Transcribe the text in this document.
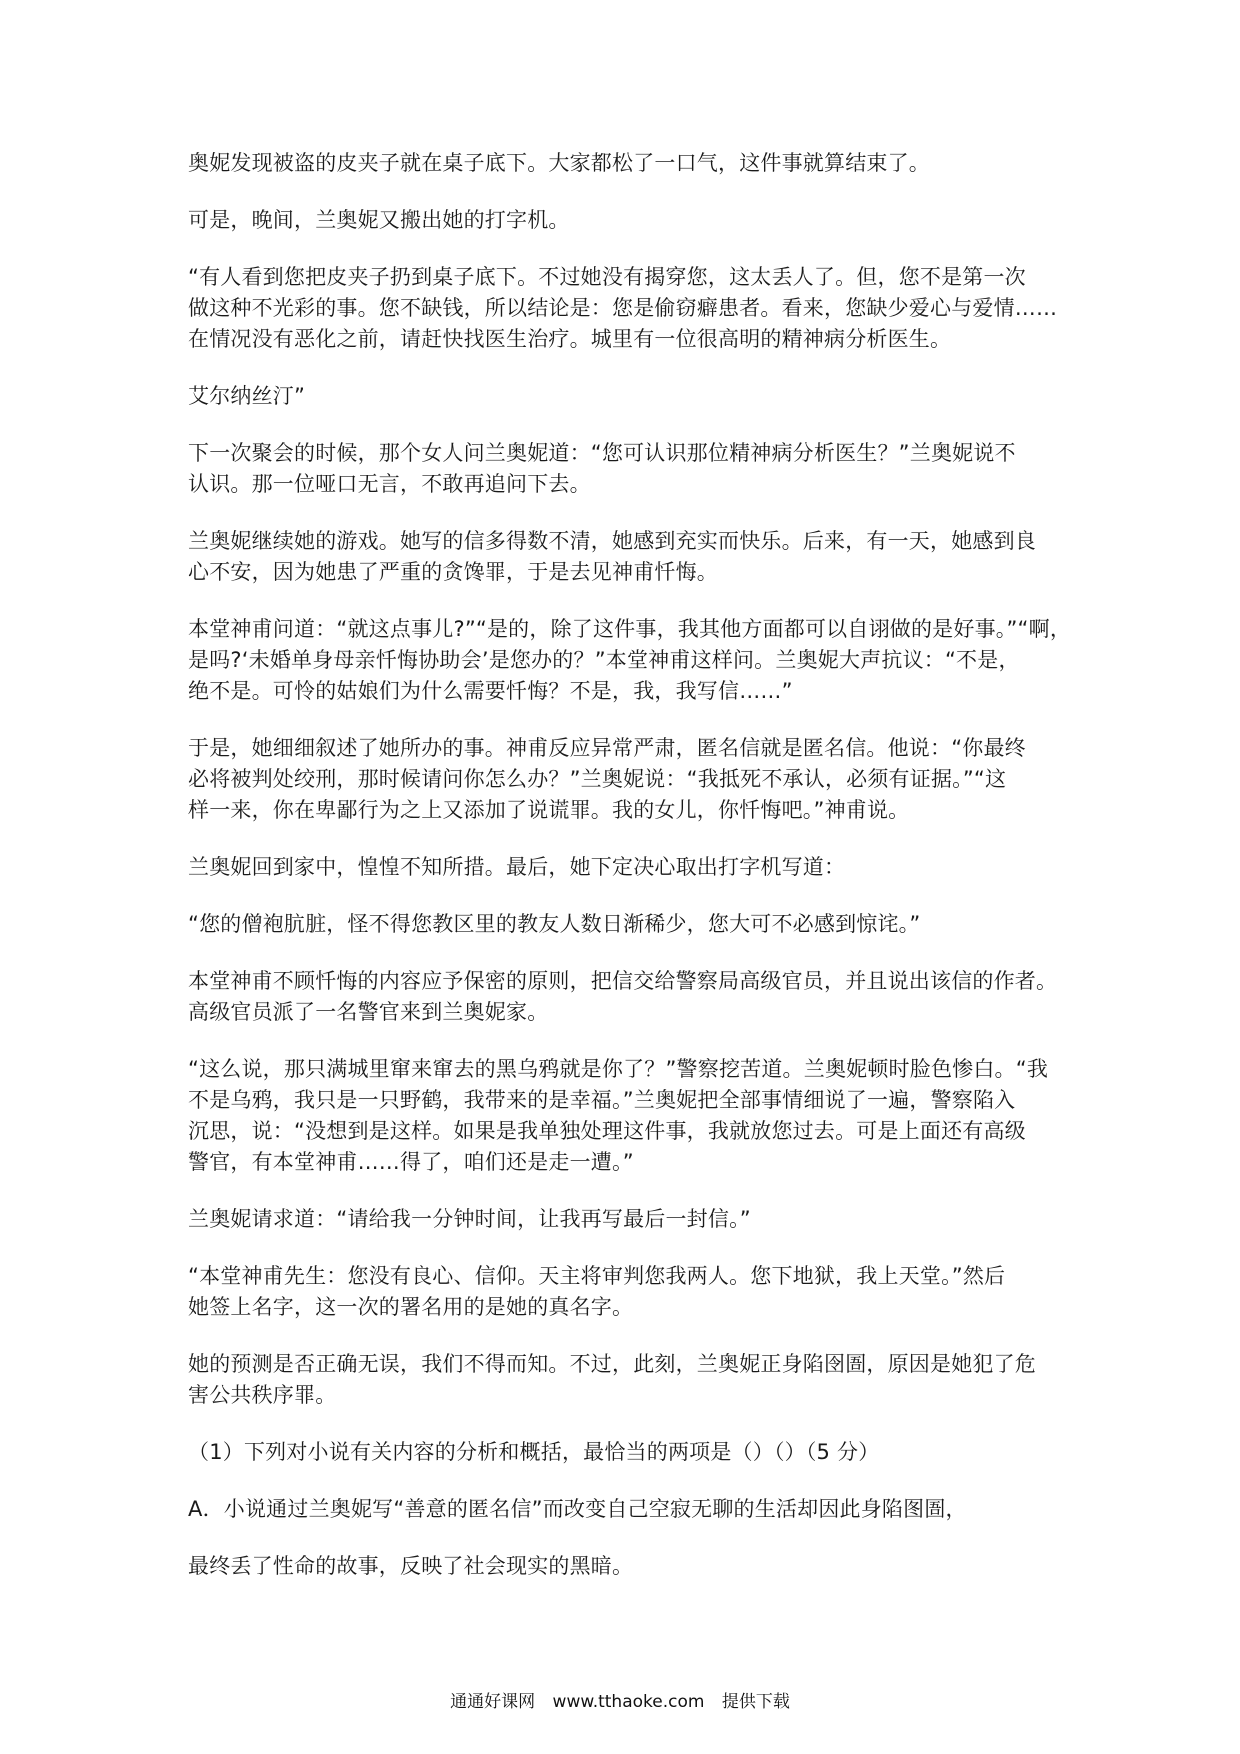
奥妮发现被盗的皮夹子就在桌子底下。大家都松了一口气，这件事就算结束了。

可是，晚间，兰奥妮又搬出她的打字机。

“有人看到您把皮夹子扔到桌子底下。不过她没有揭穿您，这太丢人了。但，您不是第一次
做这种不光彩的事。您不缺钱，所以结论是：您是偷窃癖患者。看来，您缺少爱心与爱情……
在情况没有恶化之前，请赶快找医生治疗。城里有一位很高明的精神病分析医生。

艾尔纳丝汀”

下一次聚会的时候，那个女人问兰奥妮道：“您可认识那位精神病分析医生？”兰奥妮说不
认识。那一位哑口无言，不敢再追问下去。

兰奥妮继续她的游戏。她写的信多得数不清，她感到充实而快乐。后来，有一天，她感到良
心不安，因为她患了严重的贪馋罪，于是去见神甫忏悔。

本堂神甫问道：“就这点事儿?”“是的，除了这件事，我其他方面都可以自诩做的是好事。”“啊，
是吗?‘未婚单身母亲忏悔协助会’是您办的？”本堂神甫这样问。兰奥妮大声抗议：“不是，
绝不是。可怜的姑娘们为什么需要忏悔？不是，我，我写信……”

于是，她细细叙述了她所办的事。神甫反应异常严肃，匿名信就是匿名信。他说：“你最终
必将被判处绞刑，那时候请问你怎么办？”兰奥妮说：“我抵死不承认，必须有证据。”“这
样一来，你在卑鄙行为之上又添加了说谎罪。我的女儿，你忏悔吧。”神甫说。

兰奥妮回到家中，惶惶不知所措。最后，她下定决心取出打字机写道：

“您的僧袍肮脏，怪不得您教区里的教友人数日渐稀少，您大可不必感到惊诧。”

本堂神甫不顾忏悔的内容应予保密的原则，把信交给警察局高级官员，并且说出该信的作者。
高级官员派了一名警官来到兰奥妮家。

“这么说，那只满城里窜来窜去的黑乌鸦就是你了？”警察挖苦道。兰奥妮顿时脸色惨白。“我
不是乌鸦，我只是一只野鹤，我带来的是幸福。”兰奥妮把全部事情细说了一遍，警察陷入
沉思，说：“没想到是这样。如果是我单独处理这件事，我就放您过去。可是上面还有高级
警官，有本堂神甫……得了，咱们还是走一遭。”

兰奥妮请求道：“请给我一分钟时间，让我再写最后一封信。”

“本堂神甫先生：您没有良心、信仰。天主将审判您我两人。您下地狱，我上天堂。”然后
她签上名字，这一次的署名用的是她的真名字。

她的预测是否正确无误，我们不得而知。不过，此刻，兰奥妮正身陷囹圄，原因是她犯了危
害公共秩序罪。

（1）下列对小说有关内容的分析和概括，最恰当的两项是（）（）（5 分）

A．小说通过兰奥妮写“善意的匿名信”而改变自己空寂无聊的生活却因此身陷图圄，

最终丢了性命的故事，反映了社会现实的黑暗。

通通好课网 www.tthaoke.com 提供下载
